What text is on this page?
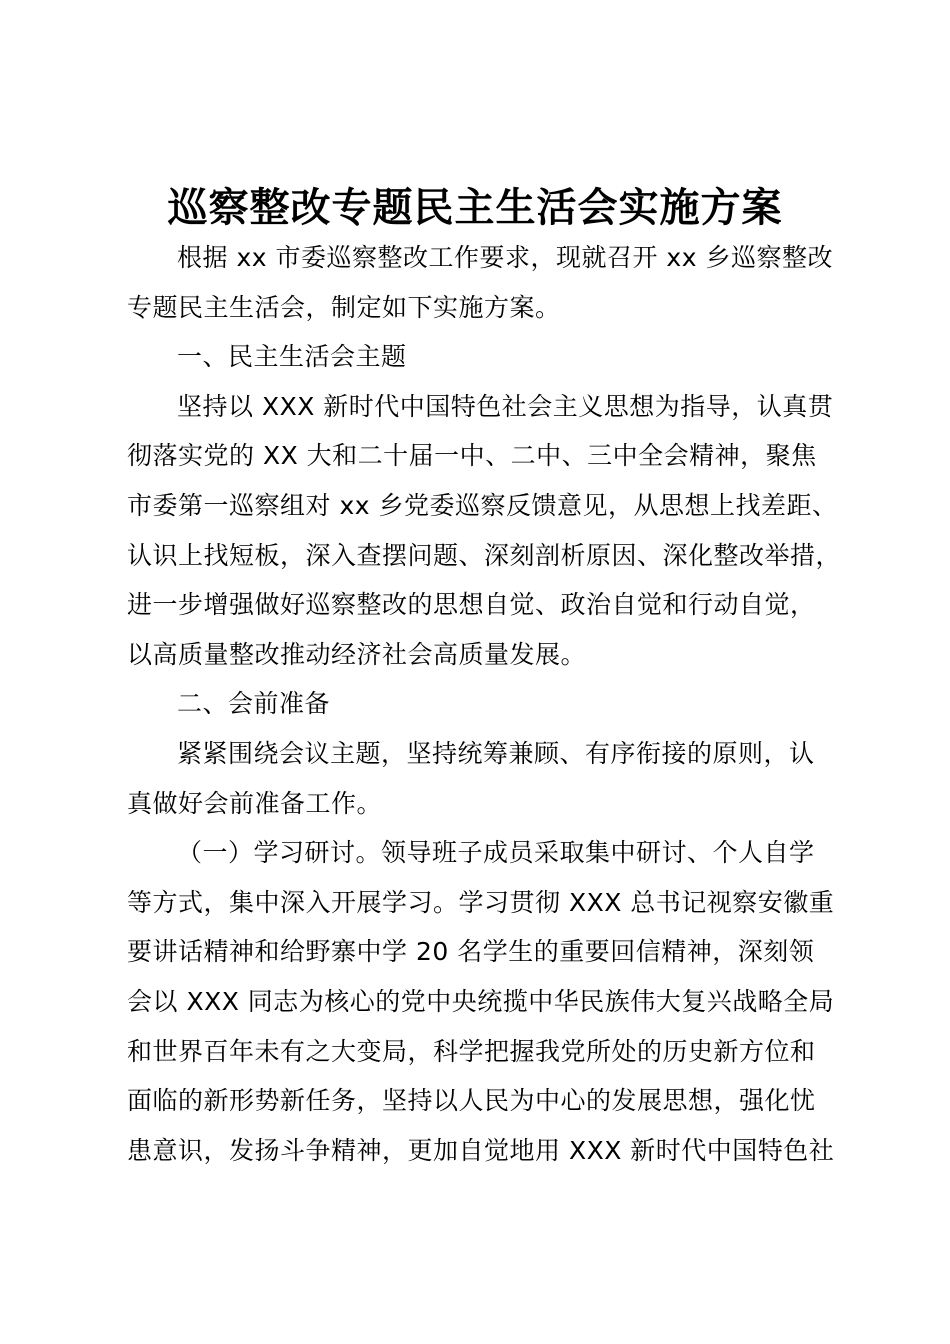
巡察整改专题民主生活会实施方案
根据 xx 市委巡察整改工作要求，现就召开 xx 乡巡察整改
专题民主生活会，制定如下实施方案。
一、民主生活会主题
坚持以 XXX 新时代中国特色社会主义思想为指导，认真贯
彻落实党的 XX 大和二十届一中、二中、三中全会精神，聚焦
市委第一巡察组对 xx 乡党委巡察反馈意见，从思想上找差距、
认识上找短板，深入查摆问题、深刻剖析原因、深化整改举措，
进一步增强做好巡察整改的思想自觉、政治自觉和行动自觉，
以高质量整改推动经济社会高质量发展。
二、会前准备
紧紧围绕会议主题，坚持统筹兼顾、有序衔接的原则，认
真做好会前准备工作。
（一）学习研讨。领导班子成员采取集中研讨、个人自学
等方式，集中深入开展学习。学习贯彻 XXX 总书记视察安徽重
要讲话精神和给野寨中学 20 名学生的重要回信精神，深刻领
会以 XXX 同志为核心的党中央统揽中华民族伟大复兴战略全局
和世界百年未有之大变局，科学把握我党所处的历史新方位和
面临的新形势新任务，坚持以人民为中心的发展思想，强化忧
患意识，发扬斗争精神，更加自觉地用 XXX 新时代中国特色社
